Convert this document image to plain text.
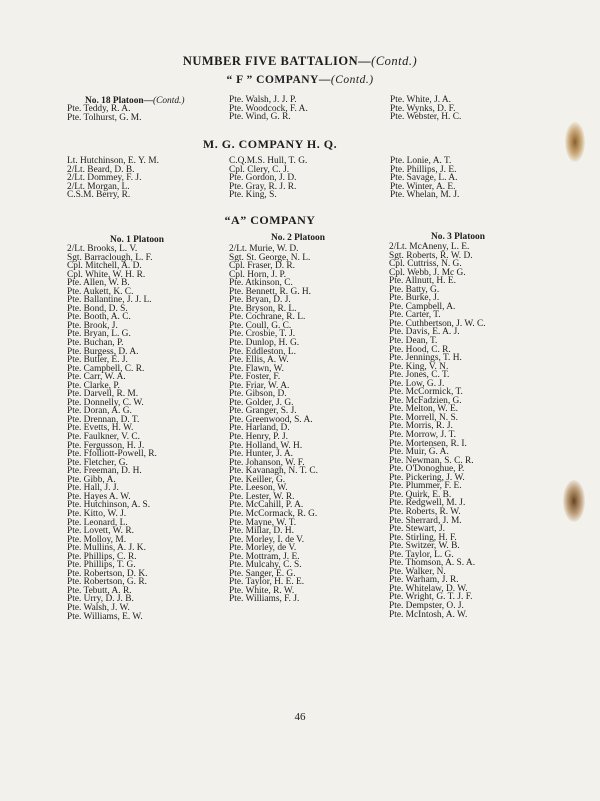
NUMBER FIVE BATTALION—(Contd.)
“ F ” COMPANY—(Contd.)
No. 18 Platoon—(Contd.)
Pte. Teddy, R. A.
Pte. Tolhurst, G. M.
Pte. Walsh, J. J. P.
Pte. Woodcock, F. A.
Pte. Wind, G. R.
Pte. White, J. A.
Pte. Wynks, D. F.
Pte. Webster, H. C.
M. G. COMPANY H. Q.
Lt. Hutchinson, E. Y. M.
2/Lt. Beard, D. B.
2/Lt. Dommey, F. J.
2/Lt. Morgan, L.
C.S.M. Berry, R.
C.Q.M.S. Hull, T. G.
Cpl. Clery, C. J.
Pte. Gordon, J. D.
Pte. Gray, R. J. R.
Pte. King, S.
Pte. Lonie, A. T.
Pte. Phillips, J. E.
Pte. Savage, L. A.
Pte. Winter, A. E.
Pte. Whelan, M. J.
“A” COMPANY
No. 1 Platoon	No. 2 Platoon	No. 3 Platoon
2/Lt. Brooks, L. V.
Sgt. Barraclough, L. F.
Cpl. Mitchell, A. D.
Cpl. White, W. H. R.
Pte. Allen, W. B.
Pte. Aukett, K. C.
Pte. Ballantine, J. J. L.
Pte. Bond, D. S.
Pte. Booth, A. C.
Pte. Brook, J.
Pte. Bryan, L. G.
Pte. Buchan, P.
Pte. Burgess, D. A.
Pte. Butler, E. J.
Pte. Campbell, C. R.
Pte. Carr, W. A.
Pte. Clarke, P.
Pte. Darvell, R. M.
Pte. Donnelly, C. W.
Pte. Doran, A. G.
Pte. Drennan, D. T.
Pte. Evetts, H. W.
Pte. Faulkner, V. C.
Pte. Fergusson, H. J.
Pte. Ffolliott-Powell, R.
Pte. Fletcher, G.
Pte. Freeman, D. H.
Pte. Gibb, A.
Pte. Hall, J. J.
Pte. Hayes A. W.
Pte. Hutchinson, A. S.
Pte. Kitto, W. J.
Pte. Leonard, L.
Pte. Lovett, W. R.
Pte. Molloy, M.
Pte. Mullins, A. J. K.
Pte. Phillips, C. R.
Pte. Phillips, T. G.
Pte. Robertson, D. K.
Pte. Robertson, G. R.
Pte. Tebutt, A. R.
Pte. Urry, D. J. B.
Pte. Walsh, J. W.
Pte. Williams, E. W.
2/Lt. Murie, W. D.
Sgt. St. George, N. L.
Cpl. Fraser, D. R.
Cpl. Horn, J. P.
Pte. Atkinson, C.
Pte. Bennett, R. G. H.
Pte. Bryan, D. J.
Pte. Bryson, R. L.
Pte. Cochrane, R. L.
Pte. Coull, G. C.
Pte. Crosbie, T. J.
Pte. Dunlop, H. G.
Pte. Eddleston, L.
Pte. Ellis, A. W.
Pte. Flawn, W.
Pte. Foster, F.
Pte. Friar, W. A.
Pte. Gibson, D.
Pte. Golder, J. G.
Pte. Granger, S. J.
Pte. Greenwood, S. A.
Pte. Harland, D.
Pte. Henry, P. J.
Pte. Holland, W. H.
Pte. Hunter, J. A.
Pte. Johanson, W. F.
Pte. Kavanagh, N. T. C.
Pte. Keiller, G.
Pte. Leeson, W.
Pte. Lester, W. R.
Pte. McCahill, P. A.
Pte. McCormack, R. G.
Pte. Mayne, W. T.
Pte. Millar, D. H.
Pte. Morley, I. de V.
Pte. Morley, de V.
Pte. Mottram, J. E.
Pte. Mulcahy, C. S.
Pte. Sanger, E. G.
Pte. Taylor, H. E. E.
Pte. White, R. W.
Pte. Williams, F. J.
2/Lt. McAneny, L. E.
Sgt. Roberts, R. W. D.
Cpl. Cuttriss, N. G.
Cpl. Webb, J. Mc G.
Pte. Allnutt, H. E.
Pte. Batty, G.
Pte. Burke, J.
Pte. Campbell, A.
Pte. Carter, T.
Pte. Cuthbertson, J. W. C.
Pte. Davis, E. A. J.
Pte. Dean, T.
Pte. Hood, C. R.
Pte. Jennings, T. H.
Pte. King, V. N.
Pte. Jones, C. T.
Pte. Low, G. J.
Pte. McCormick, T.
Pte. McFadzien, G.
Pte. Melton, W. E.
Pte. Morrell, N. S.
Pte. Morris, R. J.
Pte. Morrow, J. T.
Pte. Mortensen, R. I.
Pte. Muir, G. A.
Pte. Newman, S. C. R.
Pte. O'Donoghue, P.
Pte. Pickering, J. W.
Pte. Plummer, F. E.
Pte. Quirk, E. B.
Pte. Redgwell, M. J.
Pte. Roberts, R. W.
Pte. Sherrard, J. M.
Pte. Stewart, J.
Pte. Stirling, H. F.
Pte. Switzer, W. B.
Pte. Taylor, L. G.
Pte. Thomson, A. S. A.
Pte. Walker, N.
Pte. Warham, J. R.
Pte. Whitelaw, D. W.
Pte. Wright, G. T. J. F.
Pte. Dempster, O. J.
Pte. McIntosh, A. W.
46
